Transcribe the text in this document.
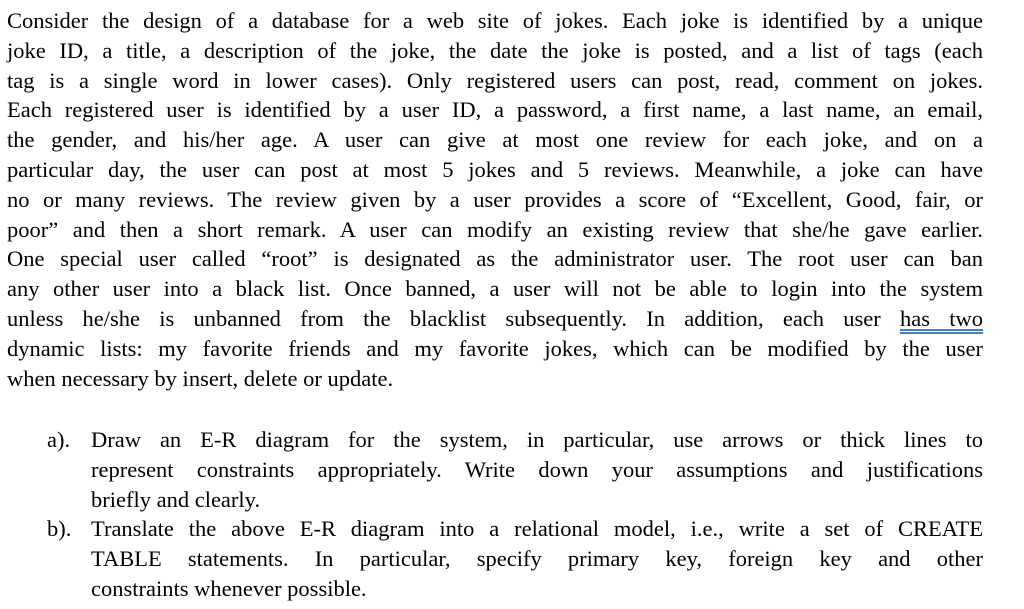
Consider the design of a database for a web site of jokes. Each joke is identified by a unique
joke ID, a title, a description of the joke, the date the joke is posted, and a list of tags (each
tag is a single word in lower cases). Only registered users can post, read, comment on jokes.
Each registered user is identified by a user ID, a password, a first name, a last name, an email,
the gender, and his/her age. A user can give at most one review for each joke, and on a
particular day, the user can post at most 5 jokes and 5 reviews. Meanwhile, a joke can have
no or many reviews. The review given by a user provides a score of “Excellent, Good, fair, or
poor” and then a short remark. A user can modify an existing review that she/he gave earlier.
One special user called “root” is designated as the administrator user. The root user can ban
any other user into a black list. Once banned, a user will not be able to login into the system
unless he/she is unbanned from the blacklist subsequently. In addition, each user has two
dynamic lists: my favorite friends and my favorite jokes, which can be modified by the user
when necessary by insert, delete or update.

a). Draw an E-R diagram for the system, in particular, use arrows or thick lines to
represent constraints appropriately. Write down your assumptions and justifications
briefly and clearly.
b). Translate the above E-R diagram into a relational model, i.e., write a set of CREATE
TABLE statements. In particular, specify primary key, foreign key and other
constraints whenever possible.
